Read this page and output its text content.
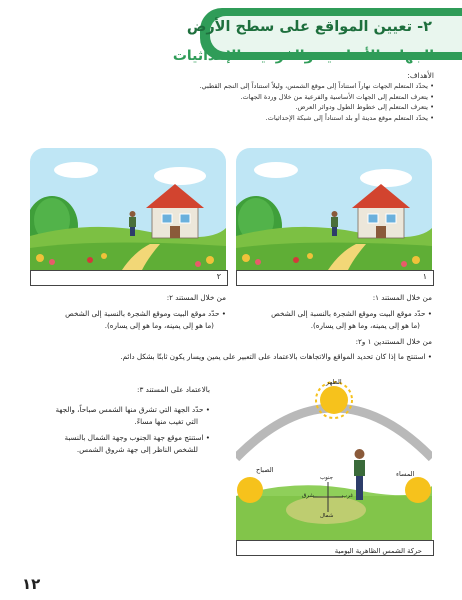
٢- تعيين المواقع على سطح الأرض
الجهات الأساسية والفرعية- الإحداثيات
الأهداف:
• يحدّد المتعلم الجهات نهاراً استناداً إلى موقع الشمس، وليلاً استناداً إلى النجم القطبي.
• يتعرف المتعلم إلى الجهات الأساسية والفرعية من خلال وردة الجهات.
• يتعرف المتعلم إلى خطوط الطول ودوائر العرض.
• يحدّد المتعلم موقع مدينة أو بلد استناداً إلى شبكة الإحداثيات.
١
٢
من خلال المستند ١:
• حدّد موقع البيت وموقع الشجرة بالنسبة إلى الشخص
(ما هو إلى يمينه، وما هو إلى يساره).
من خلال المستند ٢:
• حدّد موقع البيت وموقع الشجرة بالنسبة إلى الشخص
(ما هو إلى يمينه، وما هو إلى يساره).
من خلال المستندين ١ و٢:
• استنتج ما إذا كان تحديد المواقع والاتجاهات بالاعتماد على التعبير على يمين ويسار يكون ثابتًا بشكل دائم.
بالاعتماد على المستند ٣:
• حدّد الجهة التي تشرق منها الشمس صباحاً، والجهة
التي تغيب منها مساءً.
• استنتج موقع جهة الجنوب وجهة الشمال بالنسبة
للشخص الناظر إلى جهة شروق الشمس.
الظهر
المساء
الصباح
جنوب
شمال
شرق	غرب
حركة الشمس الظاهرية اليومية
١٢
